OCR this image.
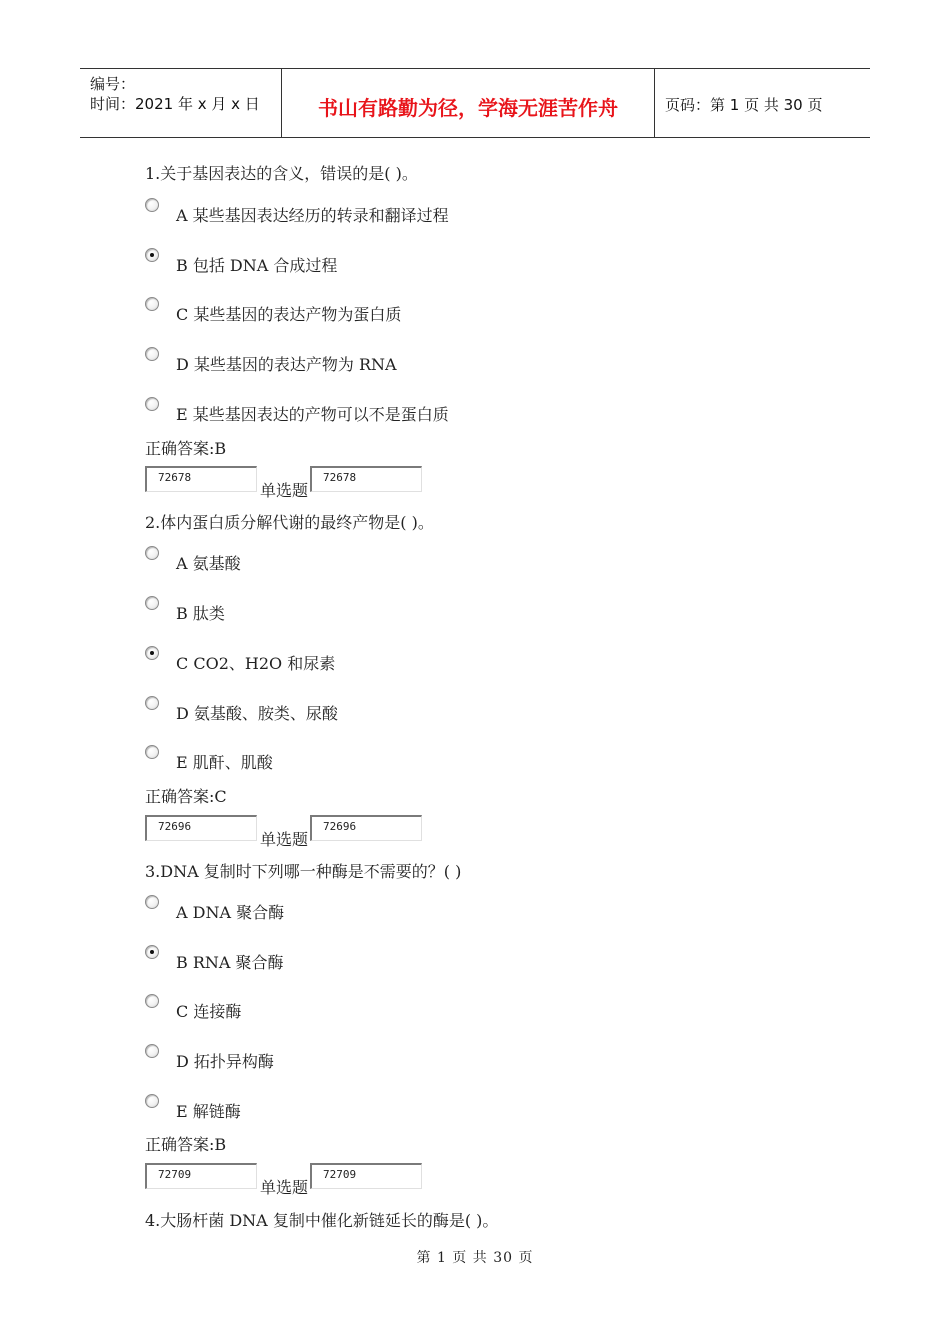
编号：
时间：2021 年 x 月 x 日	书山有路勤为径，学海无涯苦作舟	页码：第 1 页 共 30 页
1.关于基因表达的含义，错误的是( )。
A 某些基因表达经历的转录和翻译过程
B 包括 DNA 合成过程
C 某些基因的表达产物为蛋白质
D 某些基因的表达产物为 RNA
E 某些基因表达的产物可以不是蛋白质
正确答案:B
72678
单选题
72678
2.体内蛋白质分解代谢的最终产物是( )。
A 氨基酸
B 肽类
C CO2、H2O 和尿素
D 氨基酸、胺类、尿酸
E 肌酐、肌酸
正确答案:C
72696
单选题
72696
3.DNA 复制时下列哪一种酶是不需要的？( )
A DNA 聚合酶
B RNA 聚合酶
C 连接酶
D 拓扑异构酶
E 解链酶
正确答案:B
72709
单选题
72709
4.大肠杆菌 DNA 复制中催化新链延长的酶是( )。
第 1 页 共 30 页
